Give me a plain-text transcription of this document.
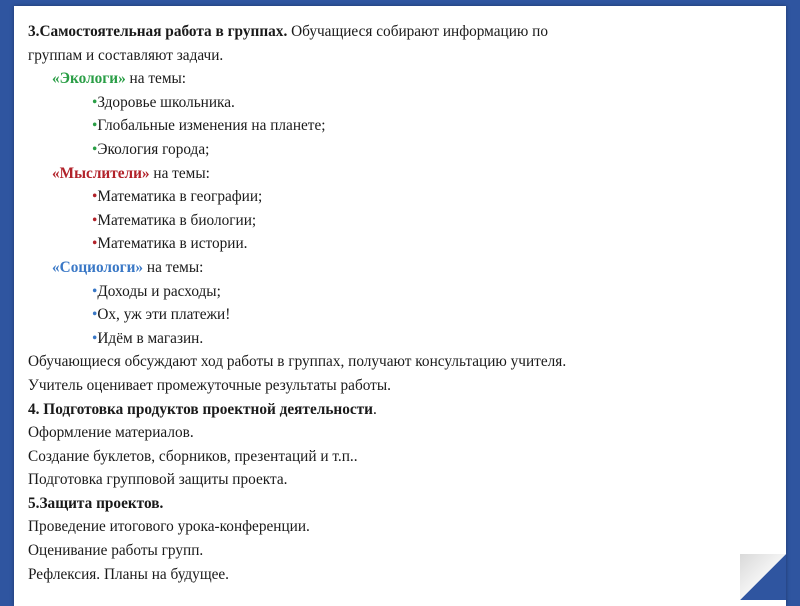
3.Самостоятельная работа в группах. Обучащиеся собирают информацию по
группам и составляют задачи.
«Экологи» на темы:
•Здоровье школьника.
•Глобальные изменения на планете;
•Экология города;
«Мыслители» на темы:
•Математика в географии;
•Математика в биологии;
•Математика в истории.
«Социологи» на темы:
•Доходы и расходы;
•Ох, уж эти платежи!
•Идём в магазин.
Обучающиеся обсуждают ход работы в группах, получают консультацию учителя.
Учитель оценивает промежуточные результаты работы.
4. Подготовка продуктов проектной деятельности.
Оформление материалов.
Создание буклетов, сборников, презентаций и т.п..
Подготовка групповой защиты проекта.
5.Защита проектов.
Проведение итогового урока-конференции.
Оценивание работы групп.
Рефлексия. Планы на будущее.
